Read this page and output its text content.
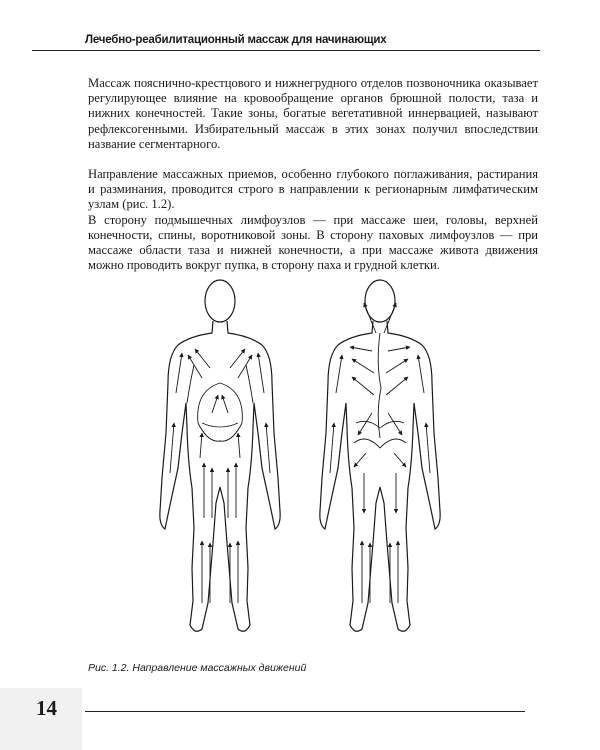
Лечебно-реабилитационный массаж для начинающих

Массаж пояснично-крестцового и нижнегрудного отделов позвоночника оказывает регулирующее влияние на кровообращение органов брюшной полости, таза и нижних конечностей. Такие зоны, богатые вегетативной иннервацией, называют рефлексогенными. Избирательный массаж в этих зонах получил впоследствии название сегментарного.

Направление массажных приемов, особенно глубокого поглаживания, растирания и разминания, проводится строго в направлении к регионарным лимфатическим узлам (рис. 1.2).

В сторону подмышечных лимфоузлов — при массаже шеи, головы, верхней конечности, спины, воротниковой зоны. В сторону паховых лимфоузлов — при массаже области таза и нижней конечности, а при массаже живота движения можно проводить вокруг пупка, в сторону паха и грудной клетки.

Рис. 1.2. Направление массажных движений
14
